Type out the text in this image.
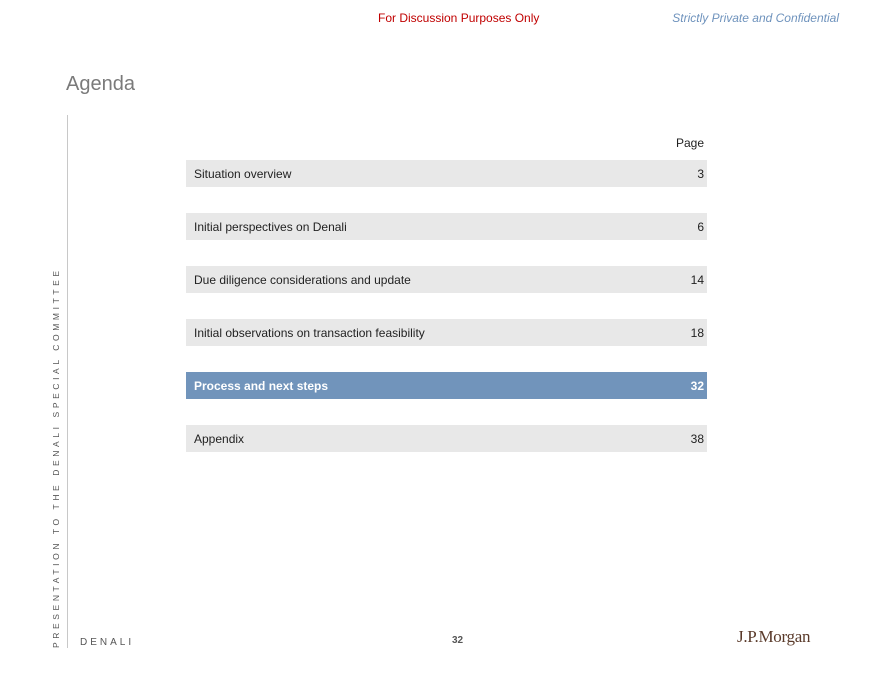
For Discussion Purposes Only	Strictly Private and Confidential
Agenda
PRESENTATION TO THE DENALI SPECIAL COMMITTEE
Page
Situation overview	3
Initial perspectives on Denali	6
Due diligence considerations and update	14
Initial observations on transaction feasibility	18
Process and next steps	32
Appendix	38
DENALI	32	J.P.Morgan
